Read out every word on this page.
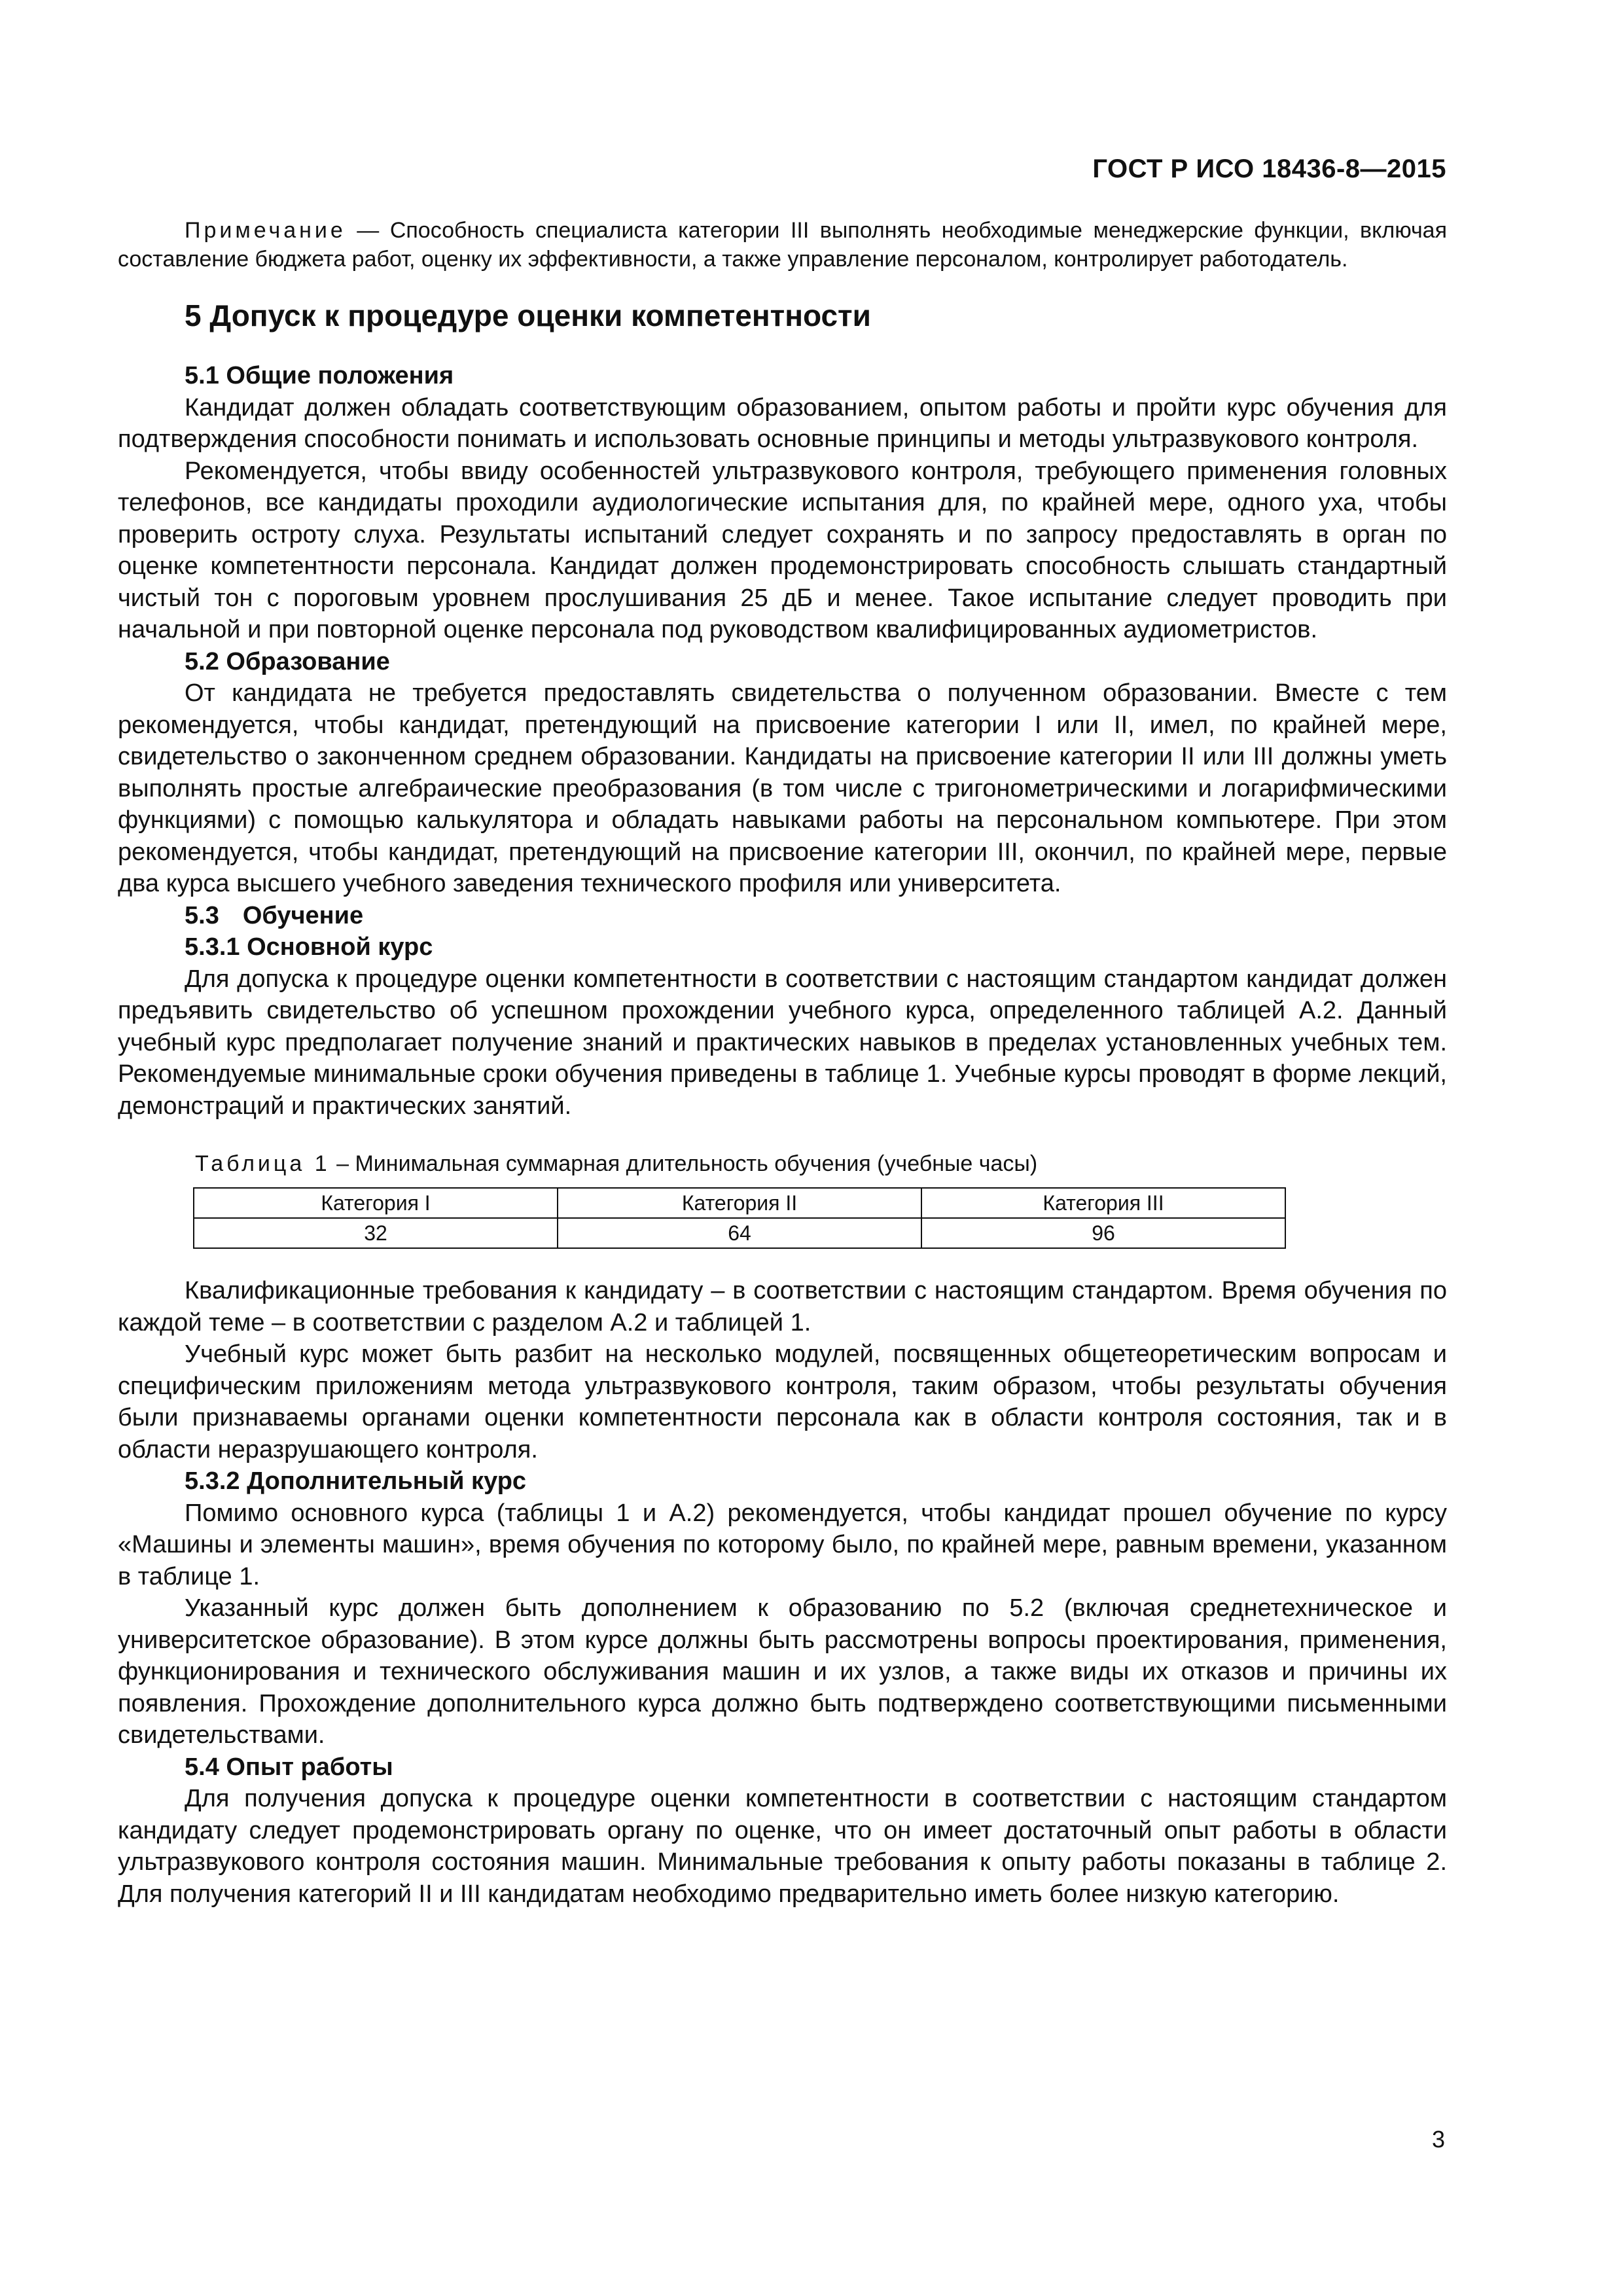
ГОСТ Р ИСО 18436-8—2015

Примечание — Способность специалиста категории III выполнять необходимые менеджерские функции, включая составление бюджета работ, оценку их эффективности, а также управление персоналом, контролирует работодатель.

5 Допуск к процедуре оценки компетентности
5.1 Общие положения

Кандидат должен обладать соответствующим образованием, опытом работы и пройти курс обучения для подтверждения способности понимать и использовать основные принципы и методы ультразвукового контроля.

Рекомендуется, чтобы ввиду особенностей ультразвукового контроля, требующего применения головных телефонов, все кандидаты проходили аудиологические испытания для, по крайней мере, одного уха, чтобы проверить остроту слуха. Результаты испытаний следует сохранять и по запросу предоставлять в орган по оценке компетентности персонала. Кандидат должен продемонстрировать способность слышать стандартный чистый тон с пороговым уровнем прослушивания 25 дБ и менее. Такое испытание следует проводить при начальной и при повторной оценке персонала под руководством квалифицированных аудиометристов.

5.2 Образование

От кандидата не требуется предоставлять свидетельства о полученном образовании. Вместе с тем рекомендуется, чтобы кандидат, претендующий на присвоение категории I или II, имел, по крайней мере, свидетельство о законченном среднем образовании. Кандидаты на присвоение категории II или III должны уметь выполнять простые алгебраические преобразования (в том числе с тригонометрическими и логарифмическими функциями) с помощью калькулятора и обладать навыками работы на персональном компьютере. При этом рекомендуется, чтобы кандидат, претендующий на присвоение категории III, окончил, по крайней мере, первые два курса высшего учебного заведения технического профиля или университета.

5.3 Обучение
5.3.1 Основной курс

Для допуска к процедуре оценки компетентности в соответствии с настоящим стандартом кандидат должен предъявить свидетельство об успешном прохождении учебного курса, определенного таблицей А.2. Данный учебный курс предполагает получение знаний и практических навыков в пределах установленных учебных тем. Рекомендуемые минимальные сроки обучения приведены в таблице 1. Учебные курсы проводят в форме лекций, демонстраций и практических занятий.

Таблица 1 – Минимальная суммарная длительность обучения (учебные часы)
Категория I	Категория II	Категория III
32	64	96

Квалификационные требования к кандидату – в соответствии с настоящим стандартом. Время обучения по каждой теме – в соответствии с разделом А.2 и таблицей 1.

Учебный курс может быть разбит на несколько модулей, посвященных общетеоретическим вопросам и специфическим приложениям метода ультразвукового контроля, таким образом, чтобы результаты обучения были признаваемы органами оценки компетентности персонала как в области контроля состояния, так и в области неразрушающего контроля.

5.3.2 Дополнительный курс

Помимо основного курса (таблицы 1 и А.2) рекомендуется, чтобы кандидат прошел обучение по курсу «Машины и элементы машин», время обучения по которому было, по крайней мере, равным времени, указанном в таблице 1.

Указанный курс должен быть дополнением к образованию по 5.2 (включая среднетехническое и университетское образование). В этом курсе должны быть рассмотрены вопросы проектирования, применения, функционирования и технического обслуживания машин и их узлов, а также виды их отказов и причины их появления. Прохождение дополнительного курса должно быть подтверждено соответствующими письменными свидетельствами.

5.4 Опыт работы

Для получения допуска к процедуре оценки компетентности в соответствии с настоящим стандартом кандидату следует продемонстрировать органу по оценке, что он имеет достаточный опыт работы в области ультразвукового контроля состояния машин. Минимальные требования к опыту работы показаны в таблице 2. Для получения категорий II и III кандидатам необходимо предварительно иметь более низкую категорию.

3
